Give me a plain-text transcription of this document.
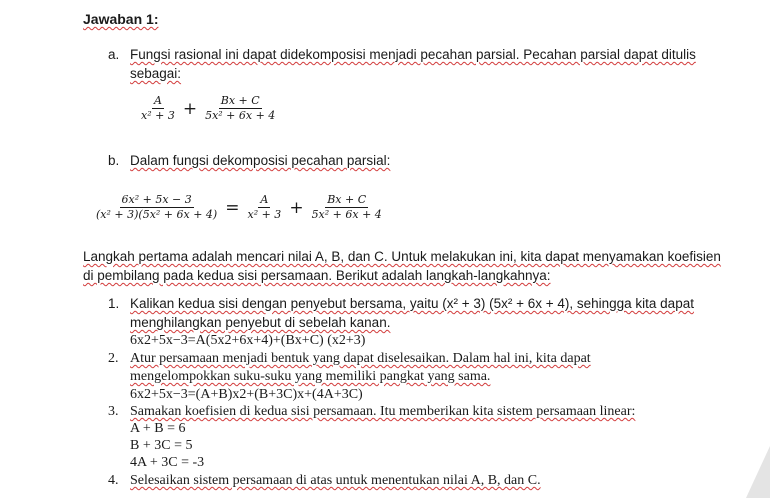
Jawaban 1:
a. Fungsi rasional ini dapat didekomposisi menjadi pecahan parsial. Pecahan parsial dapat ditulis
sebagai:
$\frac{A}{\text{x² + 3}} + \frac{Bx + C}{\text{5x² + 6x + 4}}$
b. Dalam fungsi dekomposisi pecahan parsial:
$\frac{\text{6x² + 5x − 3}}{\text{(x² + 3)(5x² + 6x + 4)}} = \frac{A}{\text{x² + 3}} + \frac{Bx + C}{\text{5x² + 6x + 4}}$
Langkah pertama adalah mencari nilai A, B, dan C. Untuk melakukan ini, kita dapat menyamakan koefisien
di pembilang pada kedua sisi persamaan. Berikut adalah langkah-langkahnya:
1. Kalikan kedua sisi dengan penyebut bersama, yaitu (x² + 3) (5x² + 6x + 4), sehingga kita dapat
menghilangkan penyebut di sebelah kanan.
6x2+5x−3=A(5x2+6x+4)+(Bx+C) (x2+3)
2. Atur persamaan menjadi bentuk yang dapat diselesaikan. Dalam hal ini, kita dapat
mengelompokkan suku-suku yang memiliki pangkat yang sama.
6x2+5x−3=(A+B)x2+(B+3C)x+(4A+3C)
3. Samakan koefisien di kedua sisi persamaan. Itu memberikan kita sistem persamaan linear:
A + B = 6
B + 3C = 5
4A + 3C = -3
4. Selesaikan sistem persamaan di atas untuk menentukan nilai A, B, dan C.
